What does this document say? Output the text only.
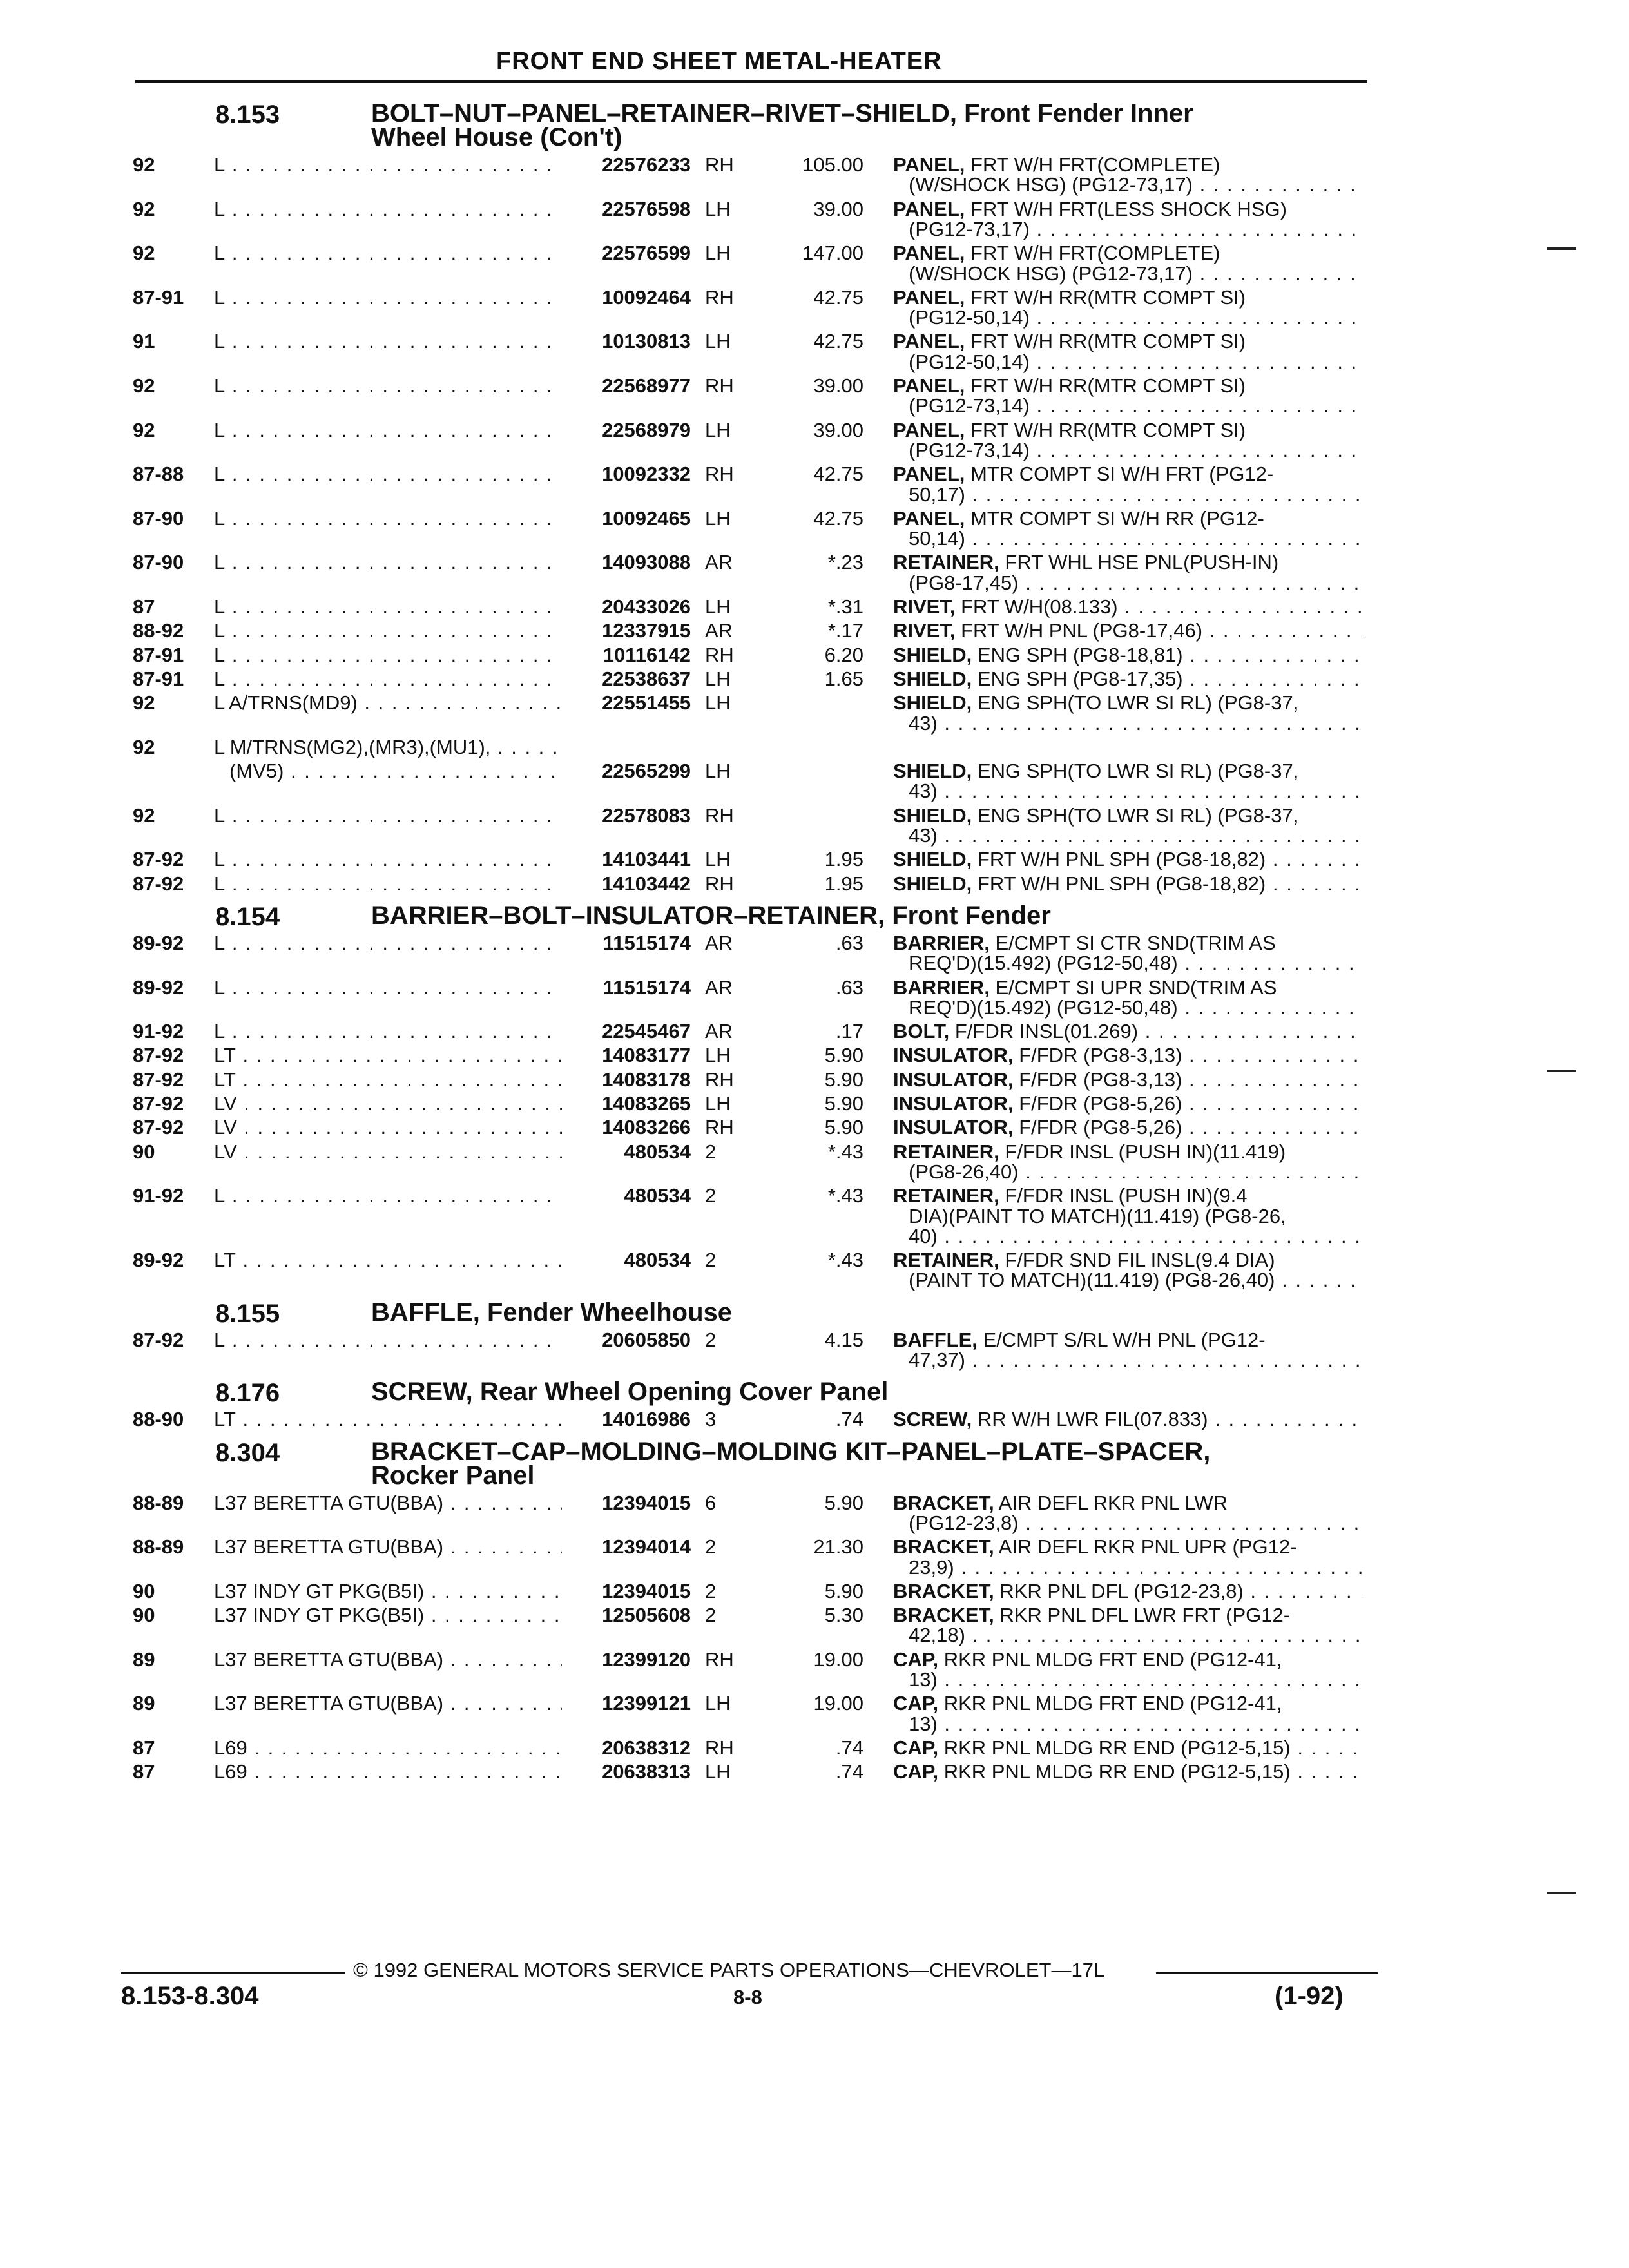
FRONT END SHEET METAL-HEATER
8.153	BOLT–NUT–PANEL–RETAINER–RIVET–SHIELD, Front Fender Inner
Wheel House (Con't)
92	L . . .	22576233 RH	105.00 PANEL, FRT W/H FRT(COMPLETE)
(W/SHOCK HSG) (PG12-73,17) . . .
92	L . . .	22576598 LH	39.00 PANEL, FRT W/H FRT(LESS SHOCK HSG)
(PG12-73,17) . . .
92	L . . .	22576599 LH	147.00 PANEL, FRT W/H FRT(COMPLETE)
(W/SHOCK HSG) (PG12-73,17) . . .
87-91 L . . .	10092464 RH	42.75 PANEL, FRT W/H RR(MTR COMPT SI)
(PG12-50,14) . . .
91	L . . .	10130813 LH	42.75 PANEL, FRT W/H RR(MTR COMPT SI)
(PG12-50,14) . . .
92	L . . .	22568977 RH	39.00 PANEL, FRT W/H RR(MTR COMPT SI)
(PG12-73,14) . . .
92	L . . .	22568979 LH	39.00 PANEL, FRT W/H RR(MTR COMPT SI)
(PG12-73,14) . . .
87-88 L . . .	10092332 RH	42.75 PANEL, MTR COMPT SI W/H FRT (PG12-
50,17) . . .
87-90 L . . .	10092465 LH	42.75 PANEL, MTR COMPT SI W/H RR (PG12-
50,14) . . .
87-90 L . . .	14093088 AR	*.23 RETAINER, FRT WHL HSE PNL(PUSH-IN)
(PG8-17,45) . . .
87	L . . .	20433026 LH	*.31 RIVET, FRT W/H(08.133) . . .
88-92 L . . .	12337915 AR	*.17 RIVET, FRT W/H PNL (PG8-17,46) . . .
87-91 L . . .	10116142 RH	6.20 SHIELD, ENG SPH (PG8-18,81) . . .
87-91 L . . .	22538637 LH	1.65 SHIELD, ENG SPH (PG8-17,35) . . .
92	L A/TRNS(MD9) . . .	22551455 LH	SHIELD, ENG SPH(TO LWR SI RL) (PG8-37,
43) . . .
92	L M/TRNS(MG2),(MR3),(MU1), . . .
(MV5) . . .	22565299 LH	SHIELD, ENG SPH(TO LWR SI RL) (PG8-37,
43) . . .
92	L . . .	22578083 RH	SHIELD, ENG SPH(TO LWR SI RL) (PG8-37,
43) . . .
87-92 L . . .	14103441 LH	1.95 SHIELD, FRT W/H PNL SPH (PG8-18,82) . . .
87-92 L . . .	14103442 RH	1.95 SHIELD, FRT W/H PNL SPH (PG8-18,82) . . .
8.154	BARRIER–BOLT–INSULATOR–RETAINER, Front Fender
89-92 L . . .	11515174 AR	.63 BARRIER, E/CMPT SI CTR SND(TRIM AS
REQ'D)(15.492) (PG12-50,48) . . .
89-92 L . . .	11515174 AR	.63 BARRIER, E/CMPT SI UPR SND(TRIM AS
REQ'D)(15.492) (PG12-50,48) . . .
91-92 L . . .	22545467 AR	.17 BOLT, F/FDR INSL(01.269) . . .
87-92 LT . . .	14083177 LH	5.90 INSULATOR, F/FDR (PG8-3,13) . . .
87-92 LT . . .	14083178 RH	5.90 INSULATOR, F/FDR (PG8-3,13) . . .
87-92 LV . . .	14083265 LH	5.90 INSULATOR, F/FDR (PG8-5,26) . . .
87-92 LV . . .	14083266 RH	5.90 INSULATOR, F/FDR (PG8-5,26) . . .
90	LV . . .	480534 2	*.43 RETAINER, F/FDR INSL (PUSH IN)(11.419)
(PG8-26,40) . . .
91-92 L . . .	480534 2	*.43 RETAINER, F/FDR INSL (PUSH IN)(9.4
DIA)(PAINT TO MATCH)(11.419) (PG8-26,
40) . . .
89-92 LT . . .	480534 2	*.43 RETAINER, F/FDR SND FIL INSL(9.4 DIA)
(PAINT TO MATCH)(11.419) (PG8-26,40) . . .
8.155	BAFFLE, Fender Wheelhouse
87-92 L . . .	20605850 2	4.15 BAFFLE, E/CMPT S/RL W/H PNL (PG12-
47,37) . . .
8.176	SCREW, Rear Wheel Opening Cover Panel
88-90 LT . . .	14016986 3	.74 SCREW, RR W/H LWR FIL(07.833) . . .
8.304	BRACKET–CAP–MOLDING–MOLDING KIT–PANEL–PLATE–SPACER,
Rocker Panel
88-89 L37 BERETTA GTU(BBA) . . .	12394015 6	5.90 BRACKET, AIR DEFL RKR PNL LWR
(PG12-23,8) . . .
88-89 L37 BERETTA GTU(BBA) . . .	12394014 2	21.30 BRACKET, AIR DEFL RKR PNL UPR (PG12-
23,9) . . .
90	L37 INDY GT PKG(B5I) . . .	12394015 2	5.90 BRACKET, RKR PNL DFL (PG12-23,8) . . .
90	L37 INDY GT PKG(B5I) . . .	12505608 2	5.30 BRACKET, RKR PNL DFL LWR FRT (PG12-
42,18) . . .
89	L37 BERETTA GTU(BBA) . . .	12399120 RH	19.00 CAP, RKR PNL MLDG FRT END (PG12-41,
13) . . .
89	L37 BERETTA GTU(BBA) . . .	12399121 LH	19.00 CAP, RKR PNL MLDG FRT END (PG12-41,
13) . . .
87	L69 . . .	20638312 RH	.74 CAP, RKR PNL MLDG RR END (PG12-5,15) . . .
87	L69 . . .	20638313 LH	.74 CAP, RKR PNL MLDG RR END (PG12-5,15) . . .
© 1992 GENERAL MOTORS SERVICE PARTS OPERATIONS—CHEVROLET—17L
8.153-8.304	8-8	(1-92)
